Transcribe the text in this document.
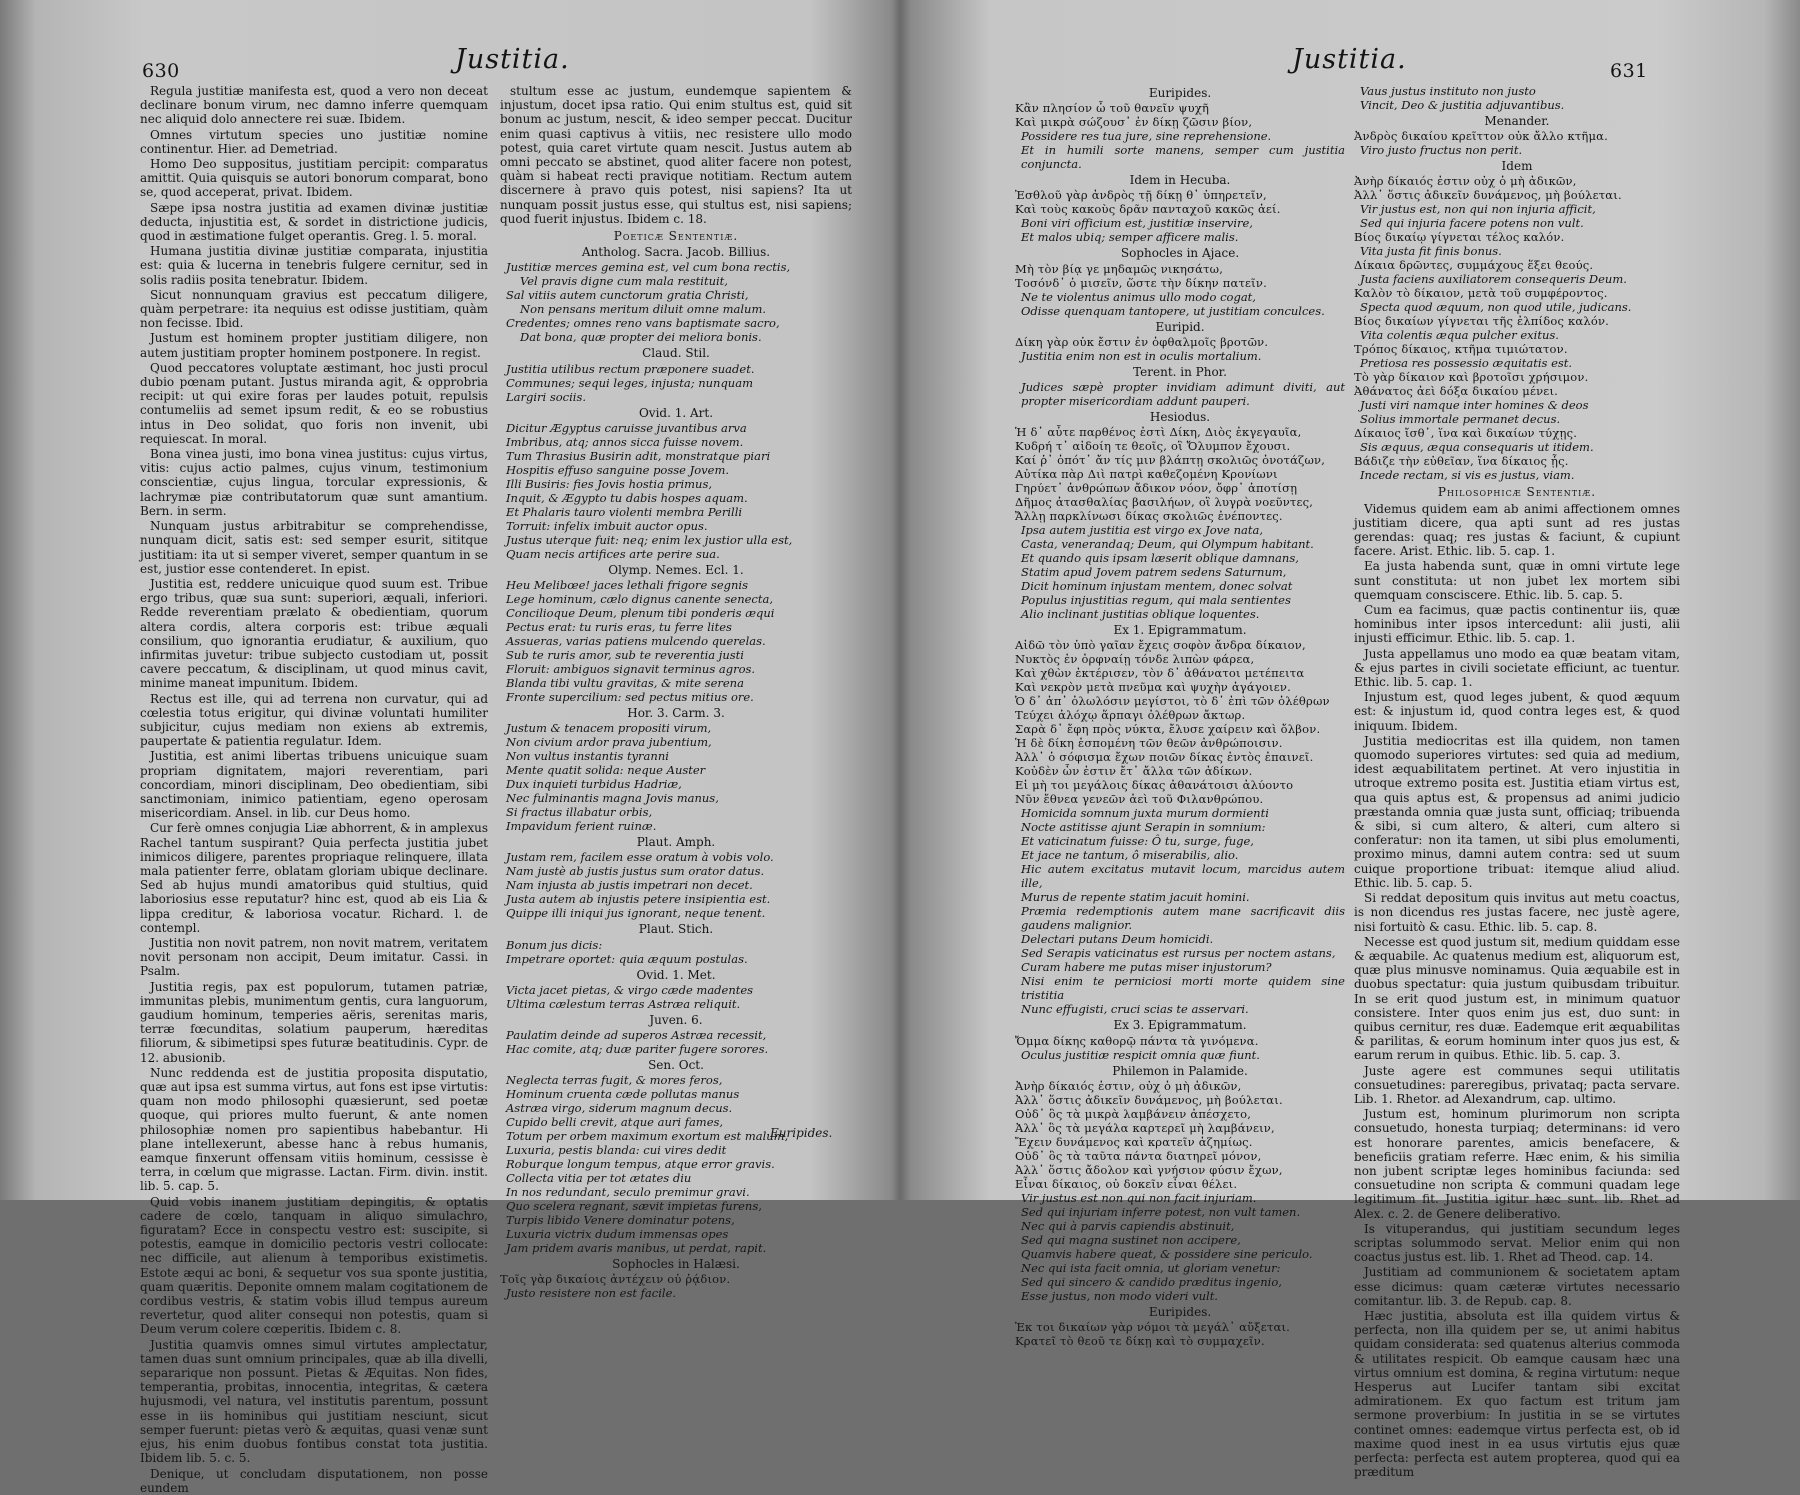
630	Justitia.
Regula justitiæ manifesta est, quod a vero non deceat declinare bonum virum, nec damno inferre quemquam nec aliquid dolo annectere rei suæ. Ibidem.
Omnes virtutum species uno justitiæ nomine continentur. Hier. ad Demetriad.
Homo Deo suppositus, justitiam percipit: comparatus amittit. Quia quisquis se autori bonorum comparat, bono se, quod acceperat, privat. Ibidem.
Sæpe ipsa nostra justitia ad examen divinæ justitiæ deducta, injustitia est, & sordet in districtione judicis, quod in æstimatione fulget operantis. Greg. l. 5. moral.
Humana justitia divinæ justitiæ comparata, injustitia est: quia & lucerna in tenebris fulgere cernitur, sed in solis radiis posita tenebratur. Ibidem.
Sicut nonnunquam gravius est peccatum diligere, quàm perpetrare: ita nequius est odisse justitiam, quàm non fecisse. Ibid.
Justum est hominem propter justitiam diligere, non autem justitiam propter hominem postponere. In regist.
Quod peccatores voluptate æstimant, hoc justi procul dubio pœnam putant. Justus miranda agit, & opprobria recipit: ut qui exire foras per laudes potuit, repulsis contumeliis ad semet ipsum redit, & eo se robustius intus in Deo solidat, quo foris non invenit, ubi requiescat. In moral.
Bona vinea justi, imo bona vinea justitus: cujus virtus, vitis: cujus actio palmes, cujus vinum, testimonium conscientiæ, cujus lingua, torcular expressionis, & lachrymæ piæ contributatorum quæ sunt amantium. Bern. in serm.
Nunquam justus arbitrabitur se comprehendisse, nunquam dicit, satis est: sed semper esurit, sititque justitiam: ita ut si semper viveret, semper quantum in se est, justior esse contenderet. In epist.
Justitia est, reddere unicuique quod suum est. Tribue ergo tribus, quæ sua sunt: superiori, æquali, inferiori. Redde reverentiam prælato & obedientiam, quorum altera cordis, altera corporis est: tribue æquali consilium, quo ignorantia erudiatur, & auxilium, quo infirmitas juvetur: tribue subjecto custodiam ut, possit cavere peccatum, & disciplinam, ut quod minus cavit, minime maneat impunitum. Ibidem.
Rectus est ille, qui ad terrena non curvatur, qui ad cœlestia totus erigitur, qui divinæ voluntati humiliter subjicitur, cujus mediam non exiens ab extremis, paupertate & patientia regulatur. Idem.
Justitia, est animi libertas tribuens unicuique suam propriam dignitatem, majori reverentiam, pari concordiam, minori disciplinam, Deo obedientiam, sibi sanctimoniam, inimico patientiam, egeno operosam misericordiam. Ansel. in lib. cur Deus homo.
Cur ferè omnes conjugia Liæ abhorrent, & in amplexus Rachel tantum suspirant? Quia perfecta justitia jubet inimicos diligere, parentes propriaque relinquere, illata mala patienter ferre, oblatam gloriam ubique declinare. Sed ab hujus mundi amatoribus quid stultius, quid laboriosius esse reputatur? hinc est, quod ab eis Lia & lippa creditur, & laboriosa vocatur. Richard. l. de contempl.
Justitia non novit patrem, non novit matrem, veritatem novit personam non accipit, Deum imitatur. Cassi. in Psalm.
Justitia regis, pax est populorum, tutamen patriæ, immunitas plebis, munimentum gentis, cura languorum, gaudium hominum, temperies aëris, serenitas maris, terræ fœcunditas, solatium pauperum, hæreditas filiorum, & sibimetipsi spes futuræ beatitudinis. Cypr. de 12. abusionib.
Nunc reddenda est de justitia proposita disputatio, quæ aut ipsa est summa virtus, aut fons est ipse virtutis: quam non modo philosophi quæsierunt, sed poetæ quoque, qui priores multo fuerunt, & ante nomen philosophiæ nomen pro sapientibus habebantur. Hi plane intellexerunt, abesse hanc à rebus humanis, eamque finxerunt offensam vitiis hominum, cessisse è terra, in cœlum que migrasse. Lactan. Firm. divin. instit. lib. 5. cap. 5.
Quid vobis inanem justitiam depingitis, & optatis cadere de cœlo, tanquam in aliquo simulachro, figuratam? Ecce in conspectu vestro est: suscipite, si potestis, eamque in domicilio pectoris vestri collocate: nec difficile, aut alienum à temporibus existimetis. Estote æqui ac boni, & sequetur vos sua sponte justitia, quam quæritis. Deponite omnem malam cogitationem de cordibus vestris, & statim vobis illud tempus aureum revertetur, quod aliter consequi non potestis, quam si Deum verum colere cœperitis. Ibidem c. 8.
Justitia quamvis omnes simul virtutes amplectatur, tamen duas sunt omnium principales, quæ ab illa divelli, separarique non possunt. Pietas & Æquitas. Non fides, temperantia, probitas, innocentia, integritas, & cætera hujusmodi, vel natura, vel institutis parentum, possunt esse in iis hominibus qui justitiam nesciunt, sicut semper fuerunt: pietas verò & æquitas, quasi venæ sunt ejus, his enim duobus fontibus constat tota justitia. Ibidem lib. 5. c. 5.
Denique, ut concludam disputationem, non posse eundem
stultum esse ac justum, eundemque sapientem & injustum, docet ipsa ratio. Qui enim stultus est, quid sit bonum ac justum, nescit, & ideo semper peccat. Ducitur enim quasi captivus à vitiis, nec resistere ullo modo potest, quia caret virtute quam nescit. Justus autem ab omni peccato se abstinet, quod aliter facere non potest, quàm si habeat recti pravique notitiam. Rectum autem discernere à pravo quis potest, nisi sapiens? Ita ut nunquam possit justus esse, qui stultus est, nisi sapiens; quod fuerit injustus. Ibidem c. 18.
Poeticæ Sententiæ.
Antholog. Sacra. Jacob. Billius.
Justitiæ merces gemina est, vel cum bona rectis,
Vel pravis digne cum mala restituit,
Sal vitiis autem cunctorum gratia Christi,
Non pensans meritum diluit omne malum.
Credentes; omnes reno vans baptismate sacro,
Dat bona, quæ propter dei meliora bonis.
Claud. Stil.
Justitia utilibus rectum præponere suadet.
Communes; sequi leges, injusta; nunquam
Largiri sociis.
Ovid. 1. Art.
Dicitur Ægyptus caruisse juvantibus arva
Imbribus, atq; annos sicca fuisse novem.
Tum Thrasius Busirin adit, monstratque piari
Hospitis effuso sanguine posse Jovem.
Illi Busiris: fies Jovis hostia primus,
Inquit, & Ægypto tu dabis hospes aquam.
Et Phalaris tauro violenti membra Perilli
Torruit: infelix imbuit auctor opus.
Justus uterque fuit: neq; enim lex justior ulla est,
Quam necis artifices arte perire sua.
Olymp. Nemes. Ecl. 1.
Heu Melibœe! jaces lethali frigore segnis
Lege hominum, cælo dignus canente senecta,
Concilioque Deum, plenum tibi ponderis æqui
Pectus erat: tu ruris eras, tu ferre lites
Assueras, varias patiens mulcendo querelas.
Sub te ruris amor, sub te reverentia justi
Floruit: ambiguos signavit terminus agros.
Blanda tibi vultu gravitas, & mite serena
Fronte supercilium: sed pectus mitius ore.
Hor. 3. Carm. 3.
Justum & tenacem propositi virum,
Non civium ardor prava jubentium,
Non vultus instantis tyranni
Mente quatit solida: neque Auster
Dux inquieti turbidus Hadriæ,
Nec fulminantis magna Jovis manus,
Si fractus illabatur orbis,
Impavidum ferient ruinæ.
Plaut. Amph.
Justam rem, facilem esse oratum à vobis volo.
Nam justè ab justis justus sum orator datus.
Nam injusta ab justis impetrari non decet.
Justa autem ab injustis petere insipientia est.
Quippe illi iniqui jus ignorant, neque tenent.
Plaut. Stich.
Bonum jus dicis:
Impetrare oportet: quia æquum postulas.
Ovid. 1. Met.
Victa jacet pietas, & virgo cæde madentes
Ultima cælestum terras Astræa reliquit.
Juven. 6.
Paulatim deinde ad superos Astræa recessit,
Hac comite, atq; duæ pariter fugere sorores.
Sen. Oct.
Neglecta terras fugit, & mores feros,
Hominum cruenta cæde pollutas manus
Astræa virgo, siderum magnum decus.
Cupido belli crevit, atque auri fames,
Totum per orbem maximum exortum est malum,
Luxuria, pestis blanda: cui vires dedit
Roburque longum tempus, atque error gravis.
Collecta vitia per tot ætates diu
In nos redundant, seculo premimur gravi.
Quo scelera regnant, sævit impietas furens,
Turpis libido Venere dominatur potens,
Luxuria victrix dudum immensas opes
Jam pridem avaris manibus, ut perdat, rapit.
Sophocles in Halæsi.
Τοῖς γὰρ δικαίοις ἀντέχειν οὐ ῥᾴδιον.
Justo resistere non est facile.
Euripides.
Justitia.	631
Euripides.
Κἂν πλησίον ὦ τοῦ θανεῖν ψυχῆ
Καὶ μικρὰ σώζουσ᾽ ἐν δίκῃ ζῶσιν βίον,
Possidere res tua jure, sine reprehensione.
Et in humili sorte manens, semper cum justitia conjuncta.
Idem in Hecuba.
Ἐσθλοῦ γὰρ ἀνδρὸς τῇ δίκῃ θ᾽ ὑπηρετεῖν,
Καὶ τοὺς κακοὺς δρᾶν πανταχοῦ κακῶς ἀεί.
Boni viri officium est, justitiæ inservire,
Et malos ubiq; semper afficere malis.
Sophocles in Ajace.
Μὴ τὸν βίᾳ γε μηδαμῶς νικησάτω,
Τοσόνδ᾽ ὁ μισεῖν, ὥστε τὴν δίκην πατεῖν.
Ne te violentus animus ullo modo cogat,
Odisse quenquam tantopere, ut justitiam conculces.
Euripid.
Δίκη γὰρ οὐκ ἔστιν ἐν ὀφθαλμοῖς βροτῶν.
Justitia enim non est in oculis mortalium.
Terent. in Phor.
Judices sæpè propter invidiam adimunt diviti, aut propter misericordiam addunt pauperi.
Hesiodus.
Ἡ δ᾽ αὖτε παρθένος ἐστὶ Δίκη, Διὸς ἐκγεγαυῖα,
Κυδρή τ᾽ αἰδοίη τε θεοῖς, οἳ Ὄλυμπον ἔχουσι.
Καί ῥ᾽ ὁπότ᾽ ἄν τίς μιν βλάπτῃ σκολιῶς ὀνοτάζων,
Αὐτίκα πὰρ Διὶ πατρὶ καθεζομένη Κρονίωνι
Γηρύετ᾽ ἀνθρώπων ἄδικον νόον, ὄφρ᾽ ἀποτίσῃ
Δῆμος ἀτασθαλίας βασιλήων, οἳ λυγρὰ νοεῦντες,
Ἄλλῃ παρκλίνωσι δίκας σκολιῶς ἐνέποντες.
Ipsa autem justitia est virgo ex Jove nata,
Casta, venerandaq; Deum, qui Olympum habitant.
Et quando quis ipsam læserit oblique damnans,
Statim apud Jovem patrem sedens Saturnum,
Dicit hominum injustam mentem, donec solvat
Populus injustitias regum, qui mala sentientes
Alio inclinant justitias oblique loquentes.
Ex 1. Epigrammatum.
Αἰδῶ τὸν ὑπὸ γαῖαν ἔχεις σοφὸν ἄνδρα δίκαιον,
Νυκτὸς ἐν ὀρφναίῃ τόνδε λιπὼν φάρεα,
Καὶ χθὼν ἐκτέρισεν, τὸν δ᾽ ἀθάνατοι μετέπειτα
Καὶ νεκρὸν μετὰ πνεῦμα καὶ ψυχὴν ἀγάγοιεν.
Ὁ δ᾽ ἀπ᾽ ὀλωλόσιν μεγίστοι, τὸ δ᾽ ἐπὶ τῶν ὀλέθρων
Τεύχει ἀλόχῳ ἅρπαγι ὀλέθρων ἄκτωρ.
Σαρὰ δ᾽ ἔφη πρὸς νύκτα, ἔλυσε χαίρειν καὶ ὄλβον.
Ἡ δὲ δίκη ἑσπομένη τῶν θεῶν ἀνθρώποισιν.
Ἀλλ᾽ ὁ σόφισμα ἔχων ποιῶν δίκας ἐντὸς ἐπαινεῖ.
Κοὐδὲν ὧν ἐστιν ἔτ᾽ ἄλλα τῶν ἀδίκων.
Εἰ μὴ τοι μεγάλοις δίκας ἀθανάτοισι ἀλύοντο
Νῦν ἔθνεα γενεῶν ἀεὶ τοῦ Φιλανθρώπου.
Homicida somnum juxta murum dormienti
Nocte astitisse ajunt Serapin in somnium:
Et vaticinatum fuisse: Ô tu, surge, fuge,
Et jace ne tantum, ô miserabilis, alio.
Hic autem excitatus mutavit locum, marcidus autem ille,
Murus de repente statim jacuit homini.
Præmia redemptionis autem mane sacrificavit diis gaudens malignior.
Delectari putans Deum homicidi.
Sed Serapis vaticinatus est rursus per noctem astans,
Curam habere me putas miser injustorum?
Nisi enim te perniciosi morti morte quidem sine tristitia
Nunc effugisti, cruci scias te asservari.
Ex 3. Epigrammatum.
Ὄμμα δίκης καθορῷ πάντα τὰ γινόμενα.
Oculus justitiæ respicit omnia quæ fiunt.
Philemon in Palamide.
Ἀνὴρ δίκαιός ἐστιν, οὐχ ὁ μὴ ἀδικῶν,
Ἀλλ᾽ ὅστις ἀδικεῖν δυνάμενος, μὴ βούλεται.
Οὐδ᾽ ὃς τὰ μικρὰ λαμβάνειν ἀπέσχετο,
Ἀλλ᾽ ὃς τὰ μεγάλα καρτερεῖ μὴ λαμβάνειν,
Ἔχειν δυνάμενος καὶ κρατεῖν ἀζημίως.
Οὐδ᾽ ὃς τὰ ταῦτα πάντα διατηρεῖ μόνον,
Ἀλλ᾽ ὅστις ἄδολον καὶ γνήσιον φύσιν ἔχων,
Εἶναι δίκαιος, οὐ δοκεῖν εἶναι θέλει.
Vir justus est non qui non facit injuriam.
Sed qui injuriam inferre potest, non vult tamen.
Nec qui à parvis capiendis abstinuit,
Sed qui magna sustinet non accipere,
Quamvis habere queat, & possidere sine periculo.
Nec qui ista facit omnia, ut gloriam venetur:
Sed qui sincero & candido præditus ingenio,
Esse justus, non modo videri vult.
Euripides.
Ἐκ τοι δικαίων γὰρ νόμοι τὰ μεγάλ᾽ αὔξεται.
Κρατεῖ τὸ θεοῦ τε δίκῃ καὶ τὸ συμμαχεῖν.
Vaus justus instituto non justo
Vincit, Deo & justitia adjuvantibus.
Menander.
Ἀνδρὸς δικαίου κρεῖττον οὐκ ἄλλο κτῆμα.
Viro justo fructus non perit.
Idem
Ἀνὴρ δίκαιός ἐστιν οὐχ ὁ μὴ ἀδικῶν,
Ἀλλ᾽ ὅστις ἀδικεῖν δυνάμενος, μὴ βούλεται.
Vir justus est, non qui non injuria afficit,
Sed qui injuria facere potens non vult.
Βίος δικαίῳ γίγνεται τέλος καλόν.
Vita justa fit finis bonus.
Δίκαια δρῶντες, συμμάχους ἕξει θεούς.
Justa faciens auxiliatorem consequeris Deum.
Καλὸν τὸ δίκαιον, μετὰ τοῦ συμφέροντος.
Specta quod æquum, non quod utile, judicans.
Βίος δικαίων γίγνεται τῆς ἐλπίδος καλόν.
Vita colentis æqua pulcher exitus.
Τρόπος δίκαιος, κτῆμα τιμιώτατον.
Pretiosa res possessio æquitatis est.
Τὸ γὰρ δίκαιον καὶ βροτοῖσι χρήσιμον.
Ἀθάνατος ἀεὶ δόξα δικαίου μένει.
Justi viri namque inter homines & deos
Solius immortale permanet decus.
Δίκαιος ἴσθ᾽, ἵνα καὶ δικαίων τύχῃς.
Sis æquus, æqua consequaris ut itidem.
Βάδιζε τὴν εὐθεῖαν, ἵνα δίκαιος ᾖς.
Incede rectam, si vis es justus, viam.
Philosophicæ Sententiæ.
Videmus quidem eam ab animi affectionem omnes justitiam dicere, qua apti sunt ad res justas gerendas: quaq; res justas & faciunt, & cupiunt facere. Arist. Ethic. lib. 5. cap. 1.
Ea justa habenda sunt, quæ in omni virtute lege sunt constituta: ut non jubet lex mortem sibi quemquam consciscere. Ethic. lib. 5. cap. 5.
Cum ea facimus, quæ pactis continentur iis, quæ hominibus inter ipsos intercedunt: alii justi, alii injusti efficimur. Ethic. lib. 5. cap. 1.
Justa appellamus uno modo ea quæ beatam vitam, & ejus partes in civili societate efficiunt, ac tuentur. Ethic. lib. 5. cap. 1.
Injustum est, quod leges jubent, & quod æquum est: & injustum id, quod contra leges est, & quod iniquum. Ibidem.
Justitia mediocritas est illa quidem, non tamen quomodo superiores virtutes: sed quia ad medium, idest æquabilitatem pertinet. At vero injustitia in utroque extremo posita est. Justitia etiam virtus est, qua quis aptus est, & propensus ad animi judicio præstanda omnia quæ justa sunt, officiaq; tribuenda & sibi, si cum altero, & alteri, cum altero si conferatur: non ita tamen, ut sibi plus emolumenti, proximo minus, damni autem contra: sed ut suum cuique proportione tribuat: itemque aliud aliud. Ethic. lib. 5. cap. 5.
Si reddat depositum quis invitus aut metu coactus, is non dicendus res justas facere, nec justè agere, nisi fortuitò & casu. Ethic. lib. 5. cap. 8.
Necesse est quod justum sit, medium quiddam esse & æquabile. Ac quatenus medium est, aliquorum est, quæ plus minusve nominamus. Quia æquabile est in duobus spectatur: quia justum quibusdam tribuitur. In se erit quod justum est, in minimum quatuor consistere. Inter quos enim jus est, duo sunt: in quibus cernitur, res duæ. Eademque erit æquabilitas & parilitas, & eorum hominum inter quos jus est, & earum rerum in quibus. Ethic. lib. 5. cap. 3.
Juste agere est communes sequi utilitatis consuetudines: pareregibus, privataq; pacta servare. Lib. 1. Rhetor. ad Alexandrum, cap. ultimo.
Justum est, hominum plurimorum non scripta consuetudo, honesta turpiaq; determinans: id vero est honorare parentes, amicis benefacere, & beneficiis gratiam referre. Hæc enim, & his similia non jubent scriptæ leges hominibus faciunda: sed consuetudine non scripta & communi quadam lege legitimum fit. Justitia igitur hæc sunt. lib. Rhet ad Alex. c. 2. de Genere deliberativo.
Is vituperandus, qui justitiam secundum leges scriptas solummodo servat. Melior enim qui non coactus justus est. lib. 1. Rhet ad Theod. cap. 14.
Justitiam ad communionem & societatem aptam esse dicimus: quam cæteræ virtutes necessario comitantur. lib. 3. de Repub. cap. 8.
Hæc justitia, absoluta est illa quidem virtus & perfecta, non illa quidem per se, ut animi habitus quidam considerata: sed quatenus alterius commoda & utilitates respicit. Ob eamque causam hæc una virtus omnium est domina, & regina virtutum: neque Hesperus aut Lucifer tantam sibi excitat admirationem. Ex quo factum est tritum jam sermone proverbium: In justitia in se se virtutes continet omnes: eademque virtus perfecta est, ob id maxime quod inest in ea usus virtutis ejus quæ perfecta: perfecta est autem propterea, quod qui ea præditum
